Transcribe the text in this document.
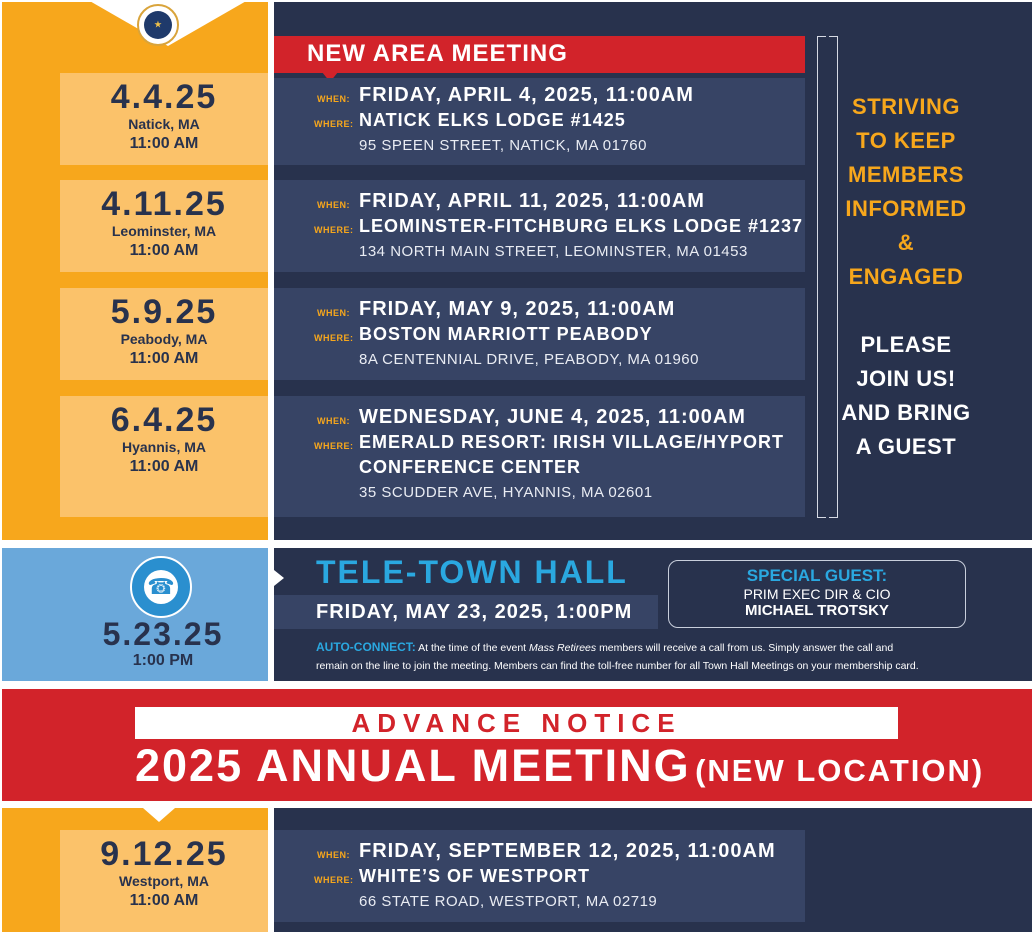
★
NEW AREA MEETING
4.4.25
Natick, MA
11:00 AM
WHEN: FRIDAY, APRIL 4, 2025, 11:00AM
WHERE: NATICK ELKS LODGE #1425
95 SPEEN STREET, NATICK, MA 01760
4.11.25
Leominster, MA
11:00 AM
WHEN: FRIDAY, APRIL 11, 2025, 11:00AM
WHERE: LEOMINSTER-FITCHBURG ELKS LODGE #1237
134 NORTH MAIN STREET, LEOMINSTER, MA 01453
5.9.25
Peabody, MA
11:00 AM
WHEN: FRIDAY, MAY 9, 2025, 11:00AM
WHERE: BOSTON MARRIOTT PEABODY
8A CENTENNIAL DRIVE, PEABODY, MA 01960
6.4.25
Hyannis, MA
11:00 AM
WHEN: WEDNESDAY, JUNE 4, 2025, 11:00AM
WHERE: EMERALD RESORT: IRISH VILLAGE/HYPORT
CONFERENCE CENTER
35 SCUDDER AVE, HYANNIS, MA 02601
STRIVING
TO KEEP
MEMBERS
INFORMED
& ENGAGED
PLEASE
JOIN US!
AND BRING
A GUEST
☎
5.23.25
1:00 PM
TELE-TOWN HALL
FRIDAY, MAY 23, 2025, 1:00PM
SPECIAL GUEST:
PRIM EXEC DIR & CIO
MICHAEL TROTSKY
AUTO-CONNECT: At the time of the event Mass Retirees members will receive a call from us. Simply answer the call and
remain on the line to join the meeting. Members can find the toll-free number for all Town Hall Meetings on your membership card.
ADVANCE NOTICE
2025 ANNUAL MEETING (NEW LOCATION)
9.12.25
Westport, MA
11:00 AM
WHEN: FRIDAY, SEPTEMBER 12, 2025, 11:00AM
WHERE: WHITE’S OF WESTPORT
66 STATE ROAD, WESTPORT, MA 02719
